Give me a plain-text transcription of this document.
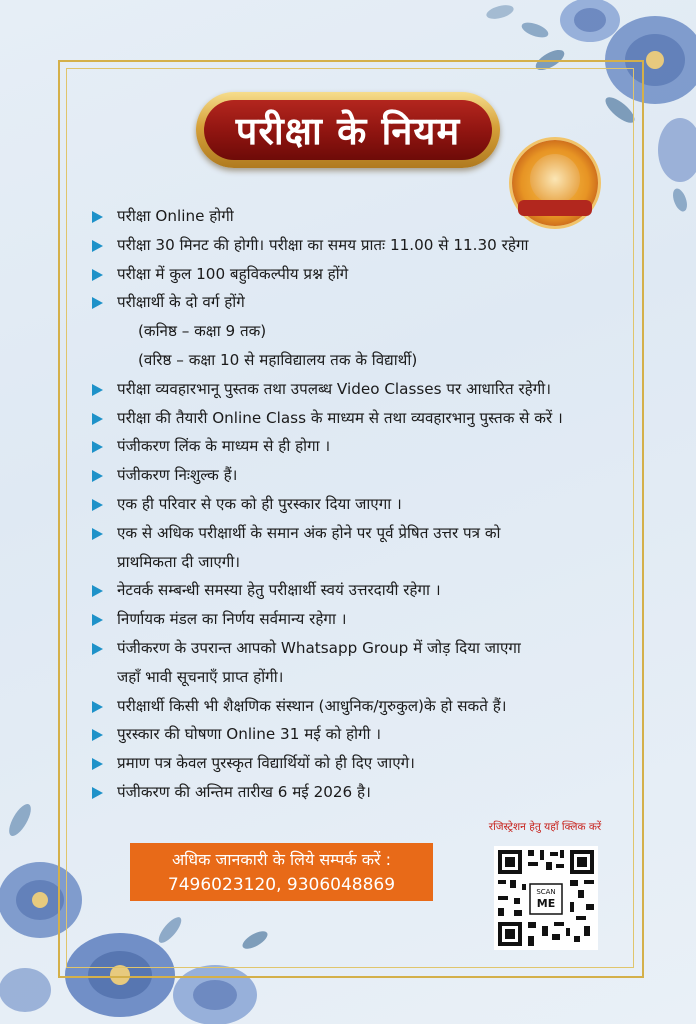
परीक्षा के नियम
परीक्षा Online होगी
परीक्षा 30 मिनट की होगी। परीक्षा का समय प्रातः 11.00 से 11.30 रहेगा
परीक्षा में कुल 100 बहुविकल्पीय प्रश्न होंगे
परीक्षार्थी के दो वर्ग होंगे
(कनिष्ठ – कक्षा 9 तक)
(वरिष्ठ – कक्षा 10 से महाविद्यालय तक के विद्यार्थी)
परीक्षा व्यवहारभानू पुस्तक तथा उपलब्ध Video Classes पर आधारित रहेगी।
परीक्षा की तैयारी Online Class के माध्यम से तथा व्यवहारभानु पुस्तक से करें ।
पंजीकरण लिंक के माध्यम से ही होगा ।
पंजीकरण निःशुल्क हैं।
एक ही परिवार से एक को ही पुरस्कार दिया जाएगा ।
एक से अधिक परीक्षार्थी के समान अंक होने पर पूर्व प्रेषित उत्तर पत्र को
प्राथमिकता दी जाएगी।
नेटवर्क सम्बन्धी समस्या हेतु परीक्षार्थी स्वयं उत्तरदायी रहेगा ।
निर्णायक मंडल का निर्णय सर्वमान्य रहेगा ।
पंजीकरण के उपरान्त आपको Whatsapp Group में जोड़ दिया जाएगा
जहाँ भावी सूचनाएँ प्राप्त होंगी।
परीक्षार्थी किसी भी शैक्षणिक संस्थान (आधुनिक/गुरुकुल)के हो सकते हैं।
पुरस्कार की घोषणा Online 31 मई को होगी ।
प्रमाण पत्र केवल पुरस्कृत विद्यार्थियों को ही दिए जाएगे।
पंजीकरण की अन्तिम तारीख 6 मई 2026 है।
अधिक जानकारी के लिये सम्पर्क करें :
7496023120, 9306048869
रजिस्ट्रेशन हेतु यहाँ क्लिक करें
SCAN
ME
